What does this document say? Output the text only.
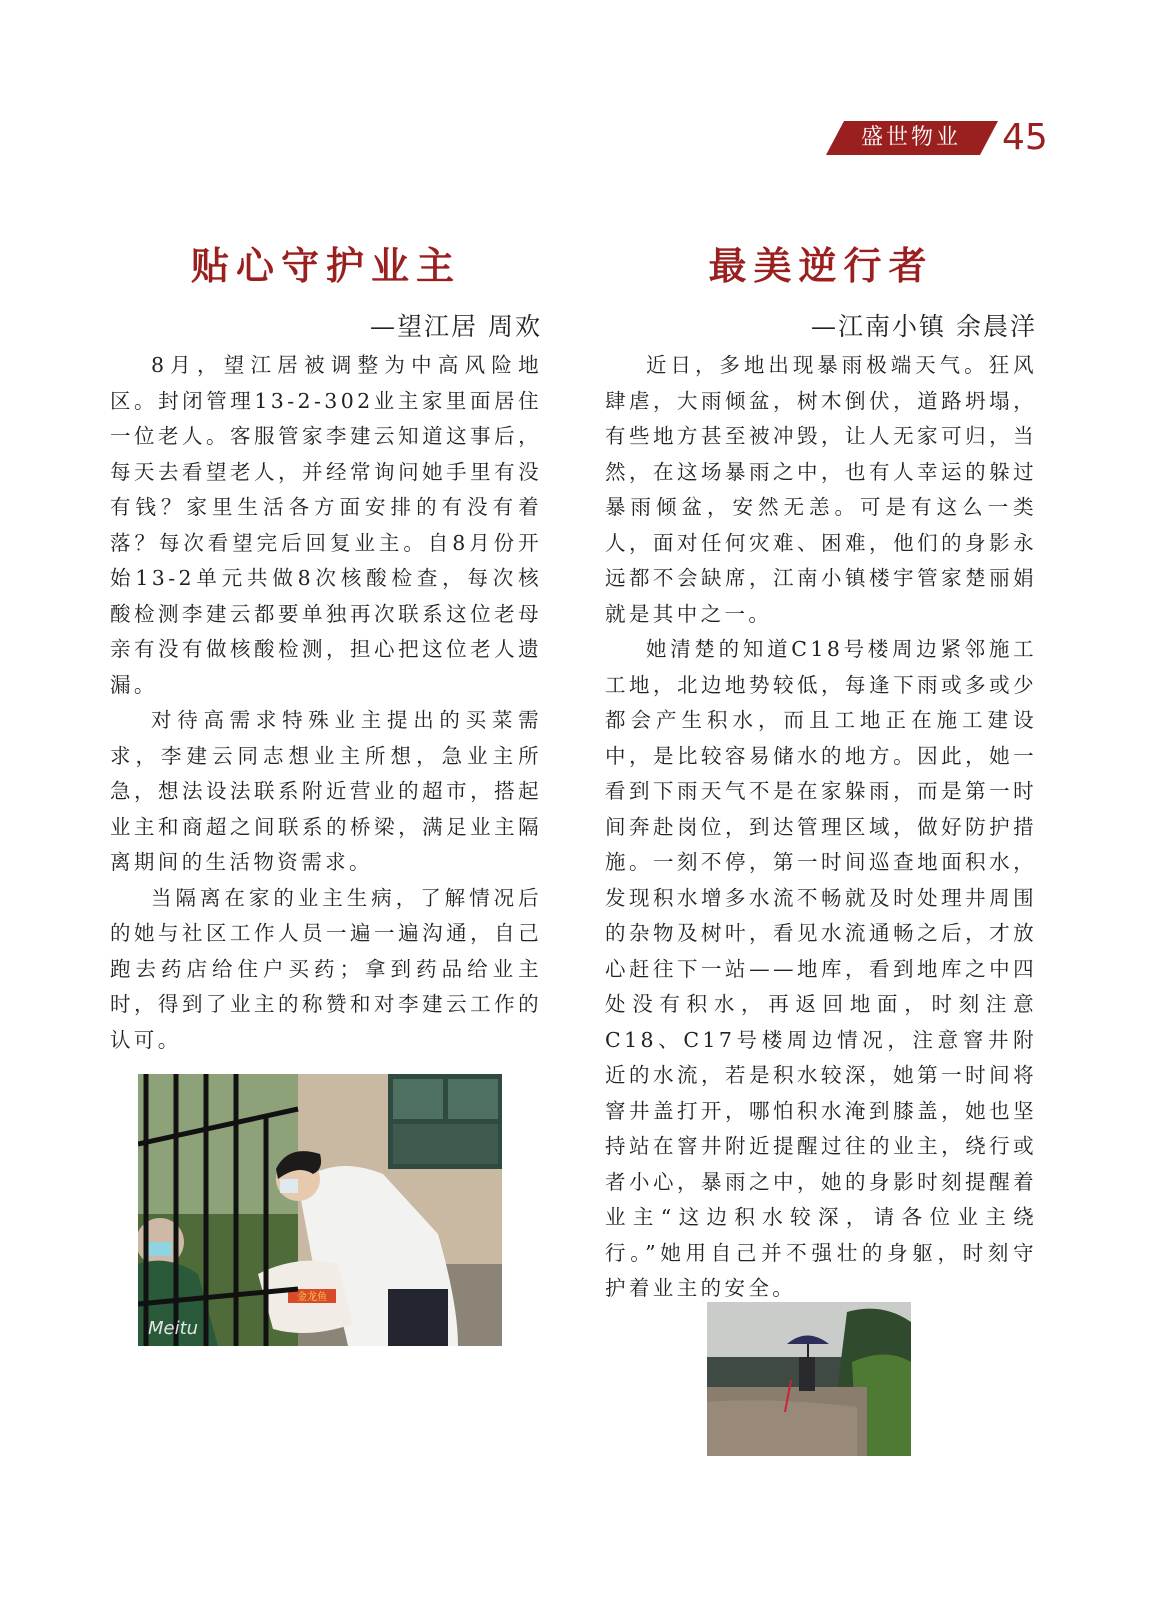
盛世物业	45
贴心守护业主
—望江居 周欢

8月，望江居被调整为中高风险地区。封闭管理13-2-302业主家里面居住一位老人。客服管家李建云知道这事后，每天去看望老人，并经常询问她手里有没有钱？家里生活各方面安排的有没有着落？每次看望完后回复业主。自8月份开始13-2单元共做8次核酸检查，每次核酸检测李建云都要单独再次联系这位老母亲有没有做核酸检测，担心把这位老人遗漏。

对待高需求特殊业主提出的买菜需求，李建云同志想业主所想，急业主所急，想法设法联系附近营业的超市，搭起业主和商超之间联系的桥梁，满足业主隔离期间的生活物资需求。

当隔离在家的业主生病，了解情况后的她与社区工作人员一遍一遍沟通，自己跑去药店给住户买药；拿到药品给业主时，得到了业主的称赞和对李建云工作的认可。

金龙鱼
Meitu
最美逆行者
—江南小镇 余晨洋

近日，多地出现暴雨极端天气。狂风肆虐，大雨倾盆，树木倒伏，道路坍塌，有些地方甚至被冲毁，让人无家可归，当然，在这场暴雨之中，也有人幸运的躲过暴雨倾盆，安然无恙。可是有这么一类人，面对任何灾难、困难，他们的身影永远都不会缺席，江南小镇楼宇管家楚丽娟就是其中之一。

她清楚的知道C18号楼周边紧邻施工工地，北边地势较低，每逢下雨或多或少都会产生积水，而且工地正在施工建设中，是比较容易储水的地方。因此，她一看到下雨天气不是在家躲雨，而是第一时间奔赴岗位，到达管理区域，做好防护措施。一刻不停，第一时间巡查地面积水，发现积水增多水流不畅就及时处理井周围的杂物及树叶，看见水流通畅之后，才放心赶往下一站——地库，看到地库之中四处没有积水，再返回地面，时刻注意C18、C17号楼周边情况，注意窨井附近的水流，若是积水较深，她第一时间将窨井盖打开，哪怕积水淹到膝盖，她也坚持站在窨井附近提醒过往的业主，绕行或者小心，暴雨之中，她的身影时刻提醒着业主“这边积水较深，请各位业主绕行。”她用自己并不强壮的身躯，时刻守护着业主的安全。
